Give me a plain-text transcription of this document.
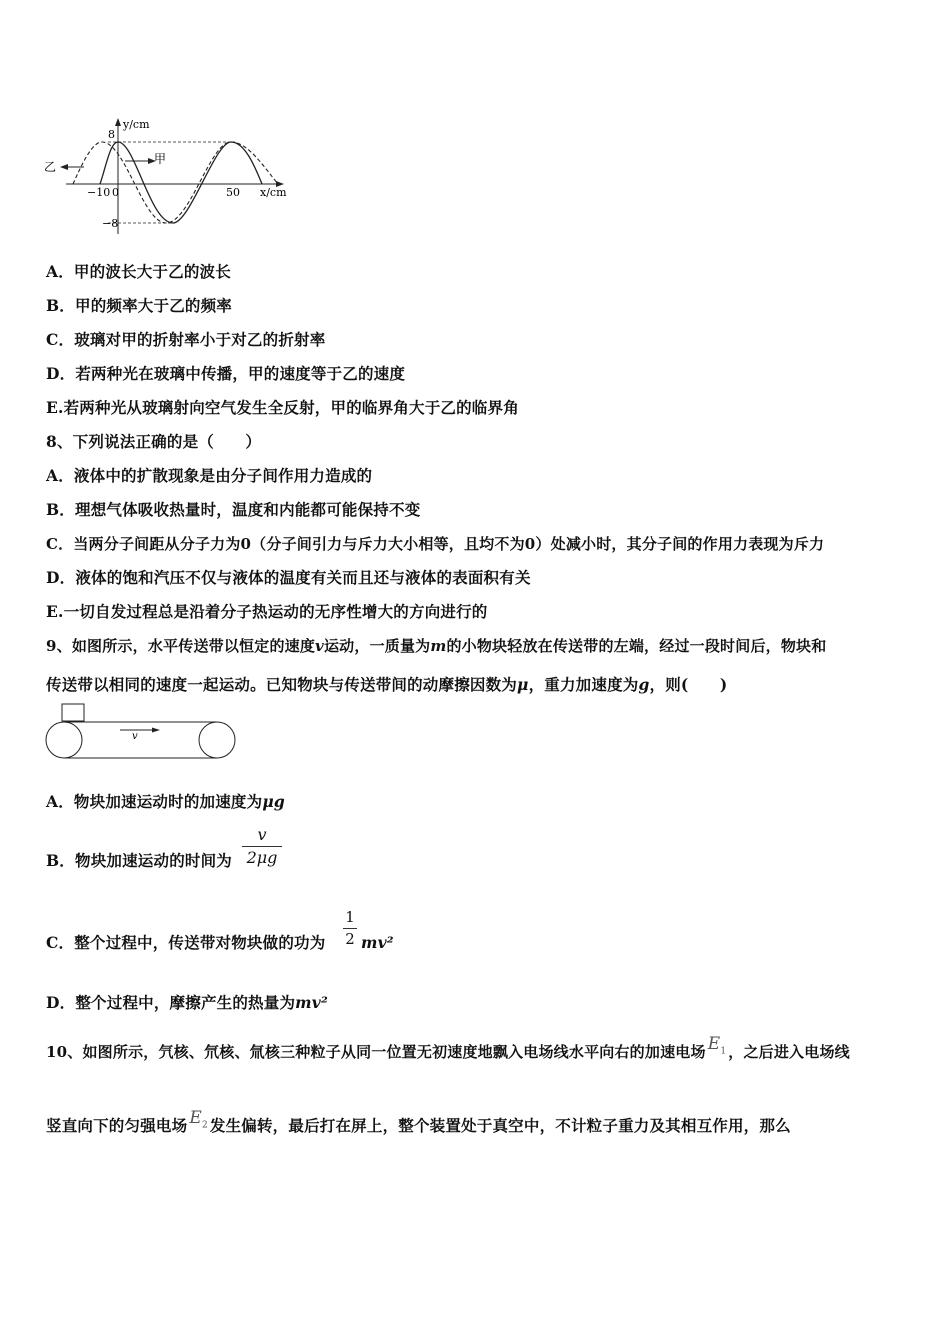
y/cm
8
−8
−10 0	50 x/cm
甲
乙
A．甲的波长大于乙的波长
B．甲的频率大于乙的频率
C．玻璃对甲的折射率小于对乙的折射率
D．若两种光在玻璃中传播，甲的速度等于乙的速度
E.若两种光从玻璃射向空气发生全反射，甲的临界角大于乙的临界角
8、下列说法正确的是（　　）
A．液体中的扩散现象是由分子间作用力造成的
B．理想气体吸收热量时，温度和内能都可能保持不变
C．当两分子间距从分子力为0（分子间引力与斥力大小相等，且均不为0）处减小时，其分子间的作用力表现为斥力
D．液体的饱和汽压不仅与液体的温度有关而且还与液体的表面积有关
E.一切自发过程总是沿着分子热运动的无序性增大的方向进行的
9、如图所示，水平传送带以恒定的速度v运动，一质量为m的小物块轻放在传送带的左端，经过一段时间后，物块和
传送带以相同的速度一起运动。已知物块与传送带间的动摩擦因数为μ，重力加速度为g，则(　　)
v
A．物块加速运动时的加速度为μg
B．物块加速运动的时间为
v
2μg
C．整个过程中，传送带对物块做的功为
1
2 mv²
D．整个过程中，摩擦产生的热量为mv²
10、如图所示，氕核、氘核、氚核三种粒子从同一位置无初速度地飘入电场线水平向右的加速电场 $E_1$ ，之后进入电场线
竖直向下的匀强电场 $E_2$ 发生偏转，最后打在屏上，整个装置处于真空中，不计粒子重力及其相互作用，那么
